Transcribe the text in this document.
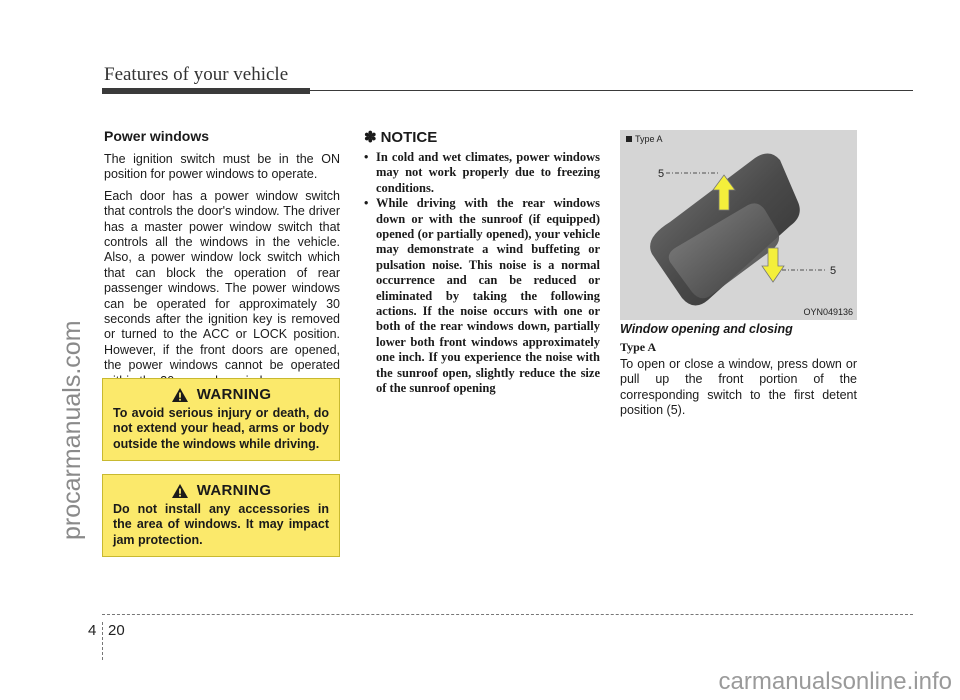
Features of your vehicle
procarmanuals.com
carmanualsonline.info
Power windows

The ignition switch must be in the ON position for power windows to operate.

Each door has a power window switch that controls the door's window. The driver has a master power window switch that controls all the windows in the vehicle. Also, a power window lock switch which that can block the operation of rear passenger windows. The power windows can be operated for approximately 30 seconds after the ignition key is removed or turned to the ACC or LOCK position. However, if the front doors are opened, the power windows cannot be operated

WARNING

To avoid serious injury or death, do not extend your head, arms or body outside the windows while driving.

WARNING

Do not install any accessories in the area of windows. It may impact jam protection.

✽ NOTICE
• In cold and wet climates, power windows may not work properly due to freezing conditions.
• While driving with the rear windows down or with the sunroof (if equipped) opened (or partially opened), your vehicle may demonstrate a wind buffeting or pulsation noise. This noise is a normal occurrence and can be reduced or eliminated by taking the following actions. If the noise occurs with one or both of the rear windows down, partially lower both front windows approximately one inch. If you experience the noise with the sunroof open, slightly reduce the size of the sunroof opening
5
5
Type A
OYN049136
Window opening and closing
Type A

To open or close a window, press down or pull up the front portion of the corresponding switch to the first detent position (5).

4 20
